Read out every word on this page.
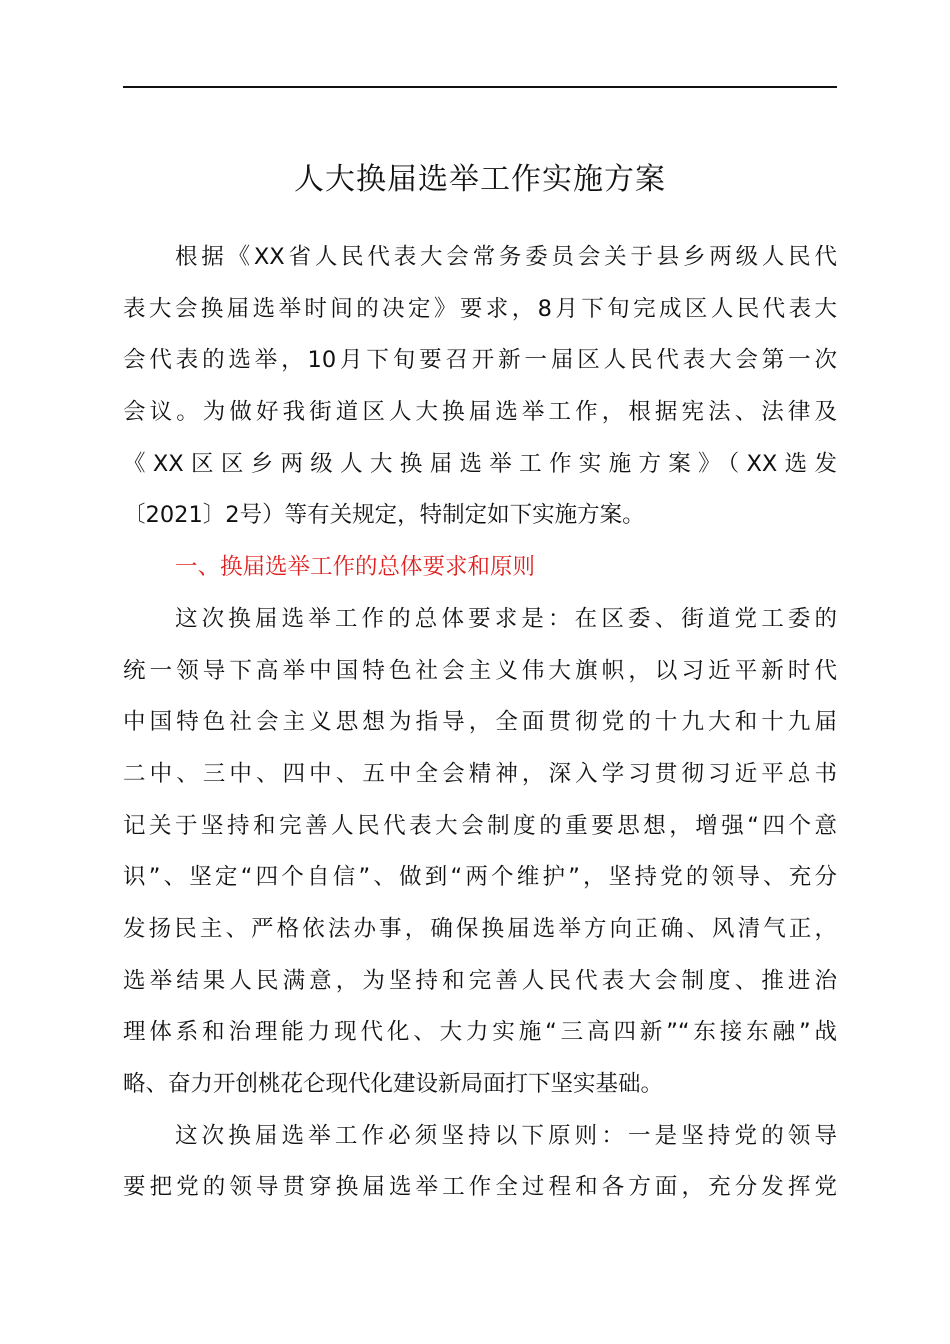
人大换届选举工作实施方案
根据《XX省人民代表大会常务委员会关于县乡两级人民代
表大会换届选举时间的决定》要求，8月下旬完成区人民代表大
会代表的选举，10月下旬要召开新一届区人民代表大会第一次
会议。为做好我街道区人大换届选举工作，根据宪法、法律及
《XX区区乡两级人大换届选举工作实施方案》（XX选发
〔2021〕2号）等有关规定，特制定如下实施方案。
一、换届选举工作的总体要求和原则
这次换届选举工作的总体要求是：在区委、街道党工委的
统一领导下高举中国特色社会主义伟大旗帜，以习近平新时代
中国特色社会主义思想为指导，全面贯彻党的十九大和十九届
二中、三中、四中、五中全会精神，深入学习贯彻习近平总书
记关于坚持和完善人民代表大会制度的重要思想，增强“四个意
识”、坚定“四个自信”、做到“两个维护”，坚持党的领导、充分
发扬民主、严格依法办事，确保换届选举方向正确、风清气正，
选举结果人民满意，为坚持和完善人民代表大会制度、推进治
理体系和治理能力现代化、大力实施“三高四新”“东接东融”战
略、奋力开创桃花仑现代化建设新局面打下坚实基础。
这次换届选举工作必须坚持以下原则：一是坚持党的领导
要把党的领导贯穿换届选举工作全过程和各方面，充分发挥党
